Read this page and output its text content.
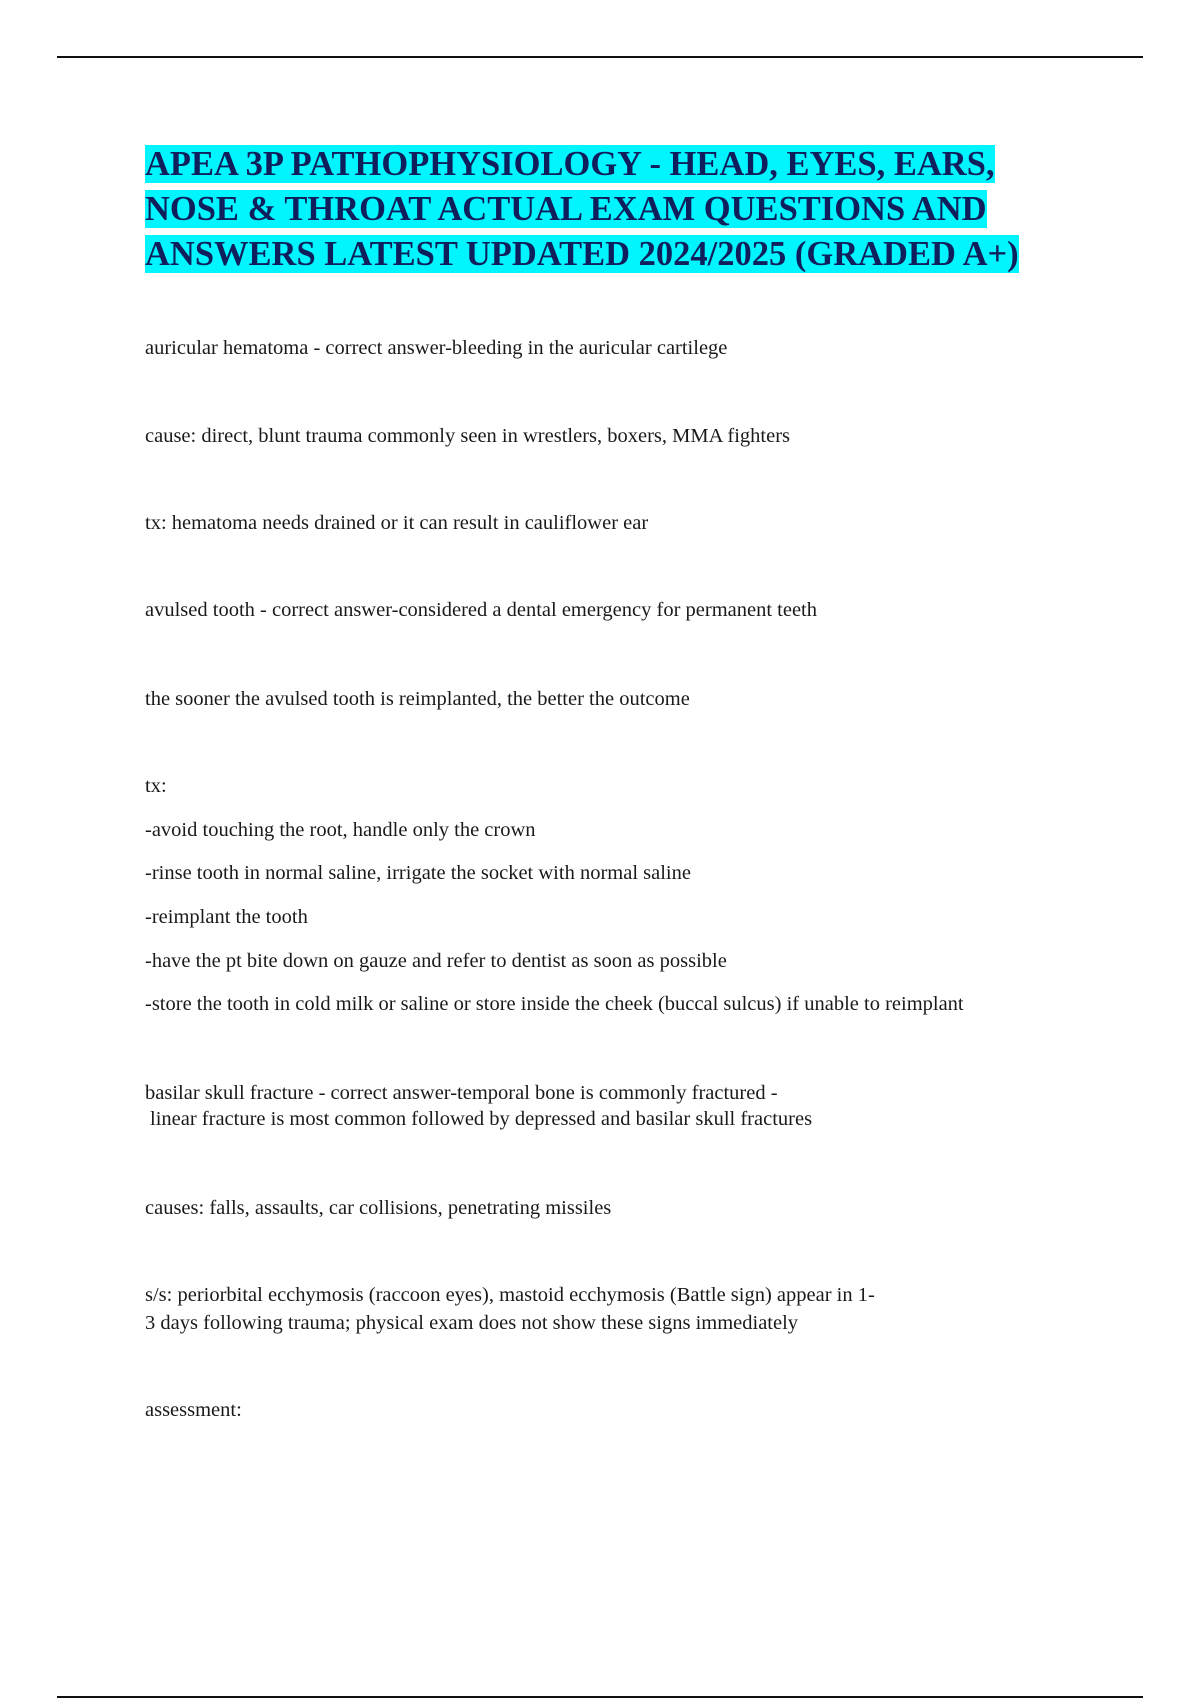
APEA 3P PATHOPHYSIOLOGY - HEAD, EYES, EARS,
NOSE & THROAT ACTUAL EXAM QUESTIONS AND
ANSWERS LATEST UPDATED 2024/2025 (GRADED A+)

auricular hematoma - correct answer-bleeding in the auricular cartilege

cause: direct, blunt trauma commonly seen in wrestlers, boxers, MMA fighters

tx: hematoma needs drained or it can result in cauliflower ear

avulsed tooth - correct answer-considered a dental emergency for permanent teeth

the sooner the avulsed tooth is reimplanted, the better the outcome

tx:

-avoid touching the root, handle only the crown

-rinse tooth in normal saline, irrigate the socket with normal saline

-reimplant the tooth

-have the pt bite down on gauze and refer to dentist as soon as possible

-store the tooth in cold milk or saline or store inside the cheek (buccal sulcus) if unable to reimplant

basilar skull fracture - correct answer-temporal bone is commonly fractured -

linear fracture is most common followed by depressed and basilar skull fractures

causes: falls, assaults, car collisions, penetrating missiles

s/s: periorbital ecchymosis (raccoon eyes), mastoid ecchymosis (Battle sign) appear in 1-

3 days following trauma; physical exam does not show these signs immediately

assessment:
